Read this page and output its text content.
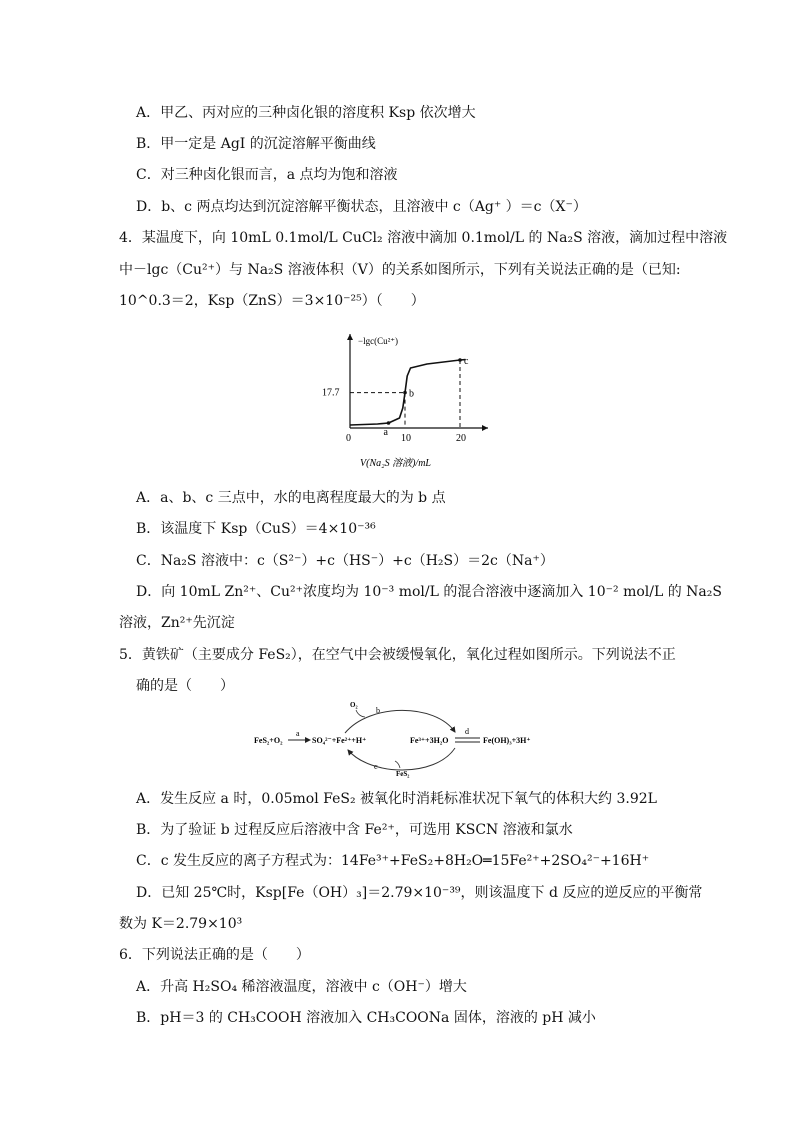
A．甲乙、丙对应的三种卤化银的溶度积 Ksp 依次增大
B．甲一定是 AgI 的沉淀溶解平衡曲线
C．对三种卤化银而言，a 点均为饱和溶液
D．b、c 两点均达到沉淀溶解平衡状态，且溶液中 c（Ag⁺ ）＝c（X⁻）
4．某温度下，向 10mL 0.1mol/L CuCl₂ 溶液中滴加 0.1mol/L 的 Na₂S 溶液，滴加过程中溶液
中－lgc（Cu²⁺）与 Na₂S 溶液体积（V）的关系如图所示，下列有关说法正确的是（已知:
10^0.3＝2，Ksp（ZnS）＝3×10⁻²⁵）（　　）
−lgc(Cu²⁺)
V(Na₂S 溶液)/mL
0	10	20
17.7
a
b
c
A．a、b、c 三点中，水的电离程度最大的为 b 点
B．该温度下 Ksp（CuS）＝4×10⁻³⁶
C．Na₂S 溶液中：c（S²⁻）+c（HS⁻）+c（H₂S）＝2c（Na⁺）
D．向 10mL Zn²⁺、Cu²⁺浓度均为 10⁻³ mol/L 的混合溶液中逐滴加入 10⁻² mol/L 的 Na₂S
溶液，Zn²⁺先沉淀
5．黄铁矿（主要成分 FeS₂），在空气中会被缓慢氧化，氧化过程如图所示。下列说法不正
确的是（　　）
FeS₂+O₂
a
SO₄²⁻+Fe²⁺+H⁺
O₂
b
c
FeS₂
Fe³⁺+3H₂O
d
Fe(OH)₃+3H⁺
A．发生反应 a 时，0.05mol FeS₂ 被氧化时消耗标准状况下氧气的体积大约 3.92L
B．为了验证 b 过程反应后溶液中含 Fe²⁺，可选用 KSCN 溶液和氯水
C．c 发生反应的离子方程式为：14Fe³⁺+FeS₂+8H₂O═15Fe²⁺+2SO₄²⁻+16H⁺
D．已知 25℃时，Ksp[Fe（OH）₃]＝2.79×10⁻³⁹，则该温度下 d 反应的逆反应的平衡常
数为 K＝2.79×10³
6．下列说法正确的是（　　）
A．升高 H₂SO₄ 稀溶液温度，溶液中 c（OH⁻）增大
B．pH＝3 的 CH₃COOH 溶液加入 CH₃COONa 固体，溶液的 pH 减小
